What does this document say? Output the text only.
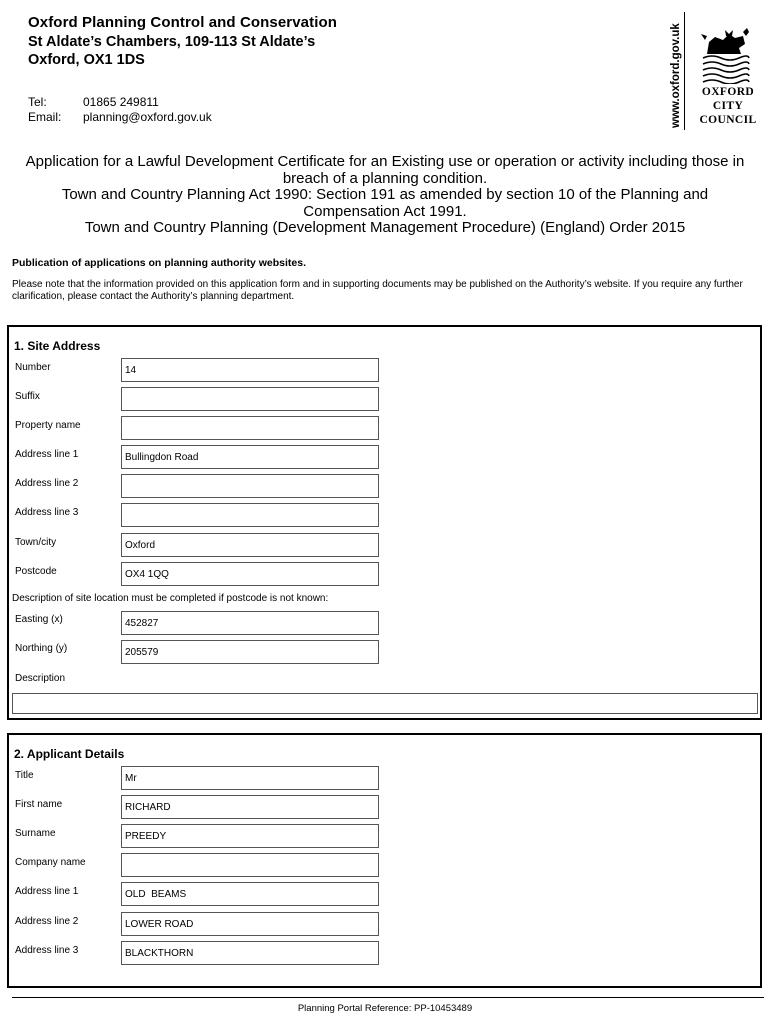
Oxford Planning Control and Conservation
St Aldate’s Chambers, 109-113 St Aldate’s
Oxford, OX1 1DS
Tel:	01865 249811
Email: planning@oxford.gov.uk	www.oxford.gov.uk	OXFORD
CITY
COUNCIL
Application for a Lawful Development Certificate for an Existing use or operation or activity including those in
breach of a planning condition.
Town and Country Planning Act 1990: Section 191 as amended by section 10 of the Planning and
Compensation Act 1991.
Town and Country Planning (Development Management Procedure) (England) Order 2015
Publication of applications on planning authority websites.
Please note that the information provided on this application form and in supporting documents may be published on the Authority’s website. If you require any further clarification, please contact the Authority’s planning department.
1. Site Address
Number	14
Suffix
Property name
Address line 1	Bullingdon Road
Address line 2
Address line 3
Town/city	Oxford
Postcode	OX4 1QQ
Description of site location must be completed if postcode is not known:
Easting (x)	452827
Northing (y)	205579
Description
2. Applicant Details
Title	Mr
First name	RICHARD
Surname	PREEDY
Company name
Address line 1	OLD  BEAMS
Address line 2	LOWER ROAD
Address line 3	BLACKTHORN
Planning Portal Reference: PP-10453489
